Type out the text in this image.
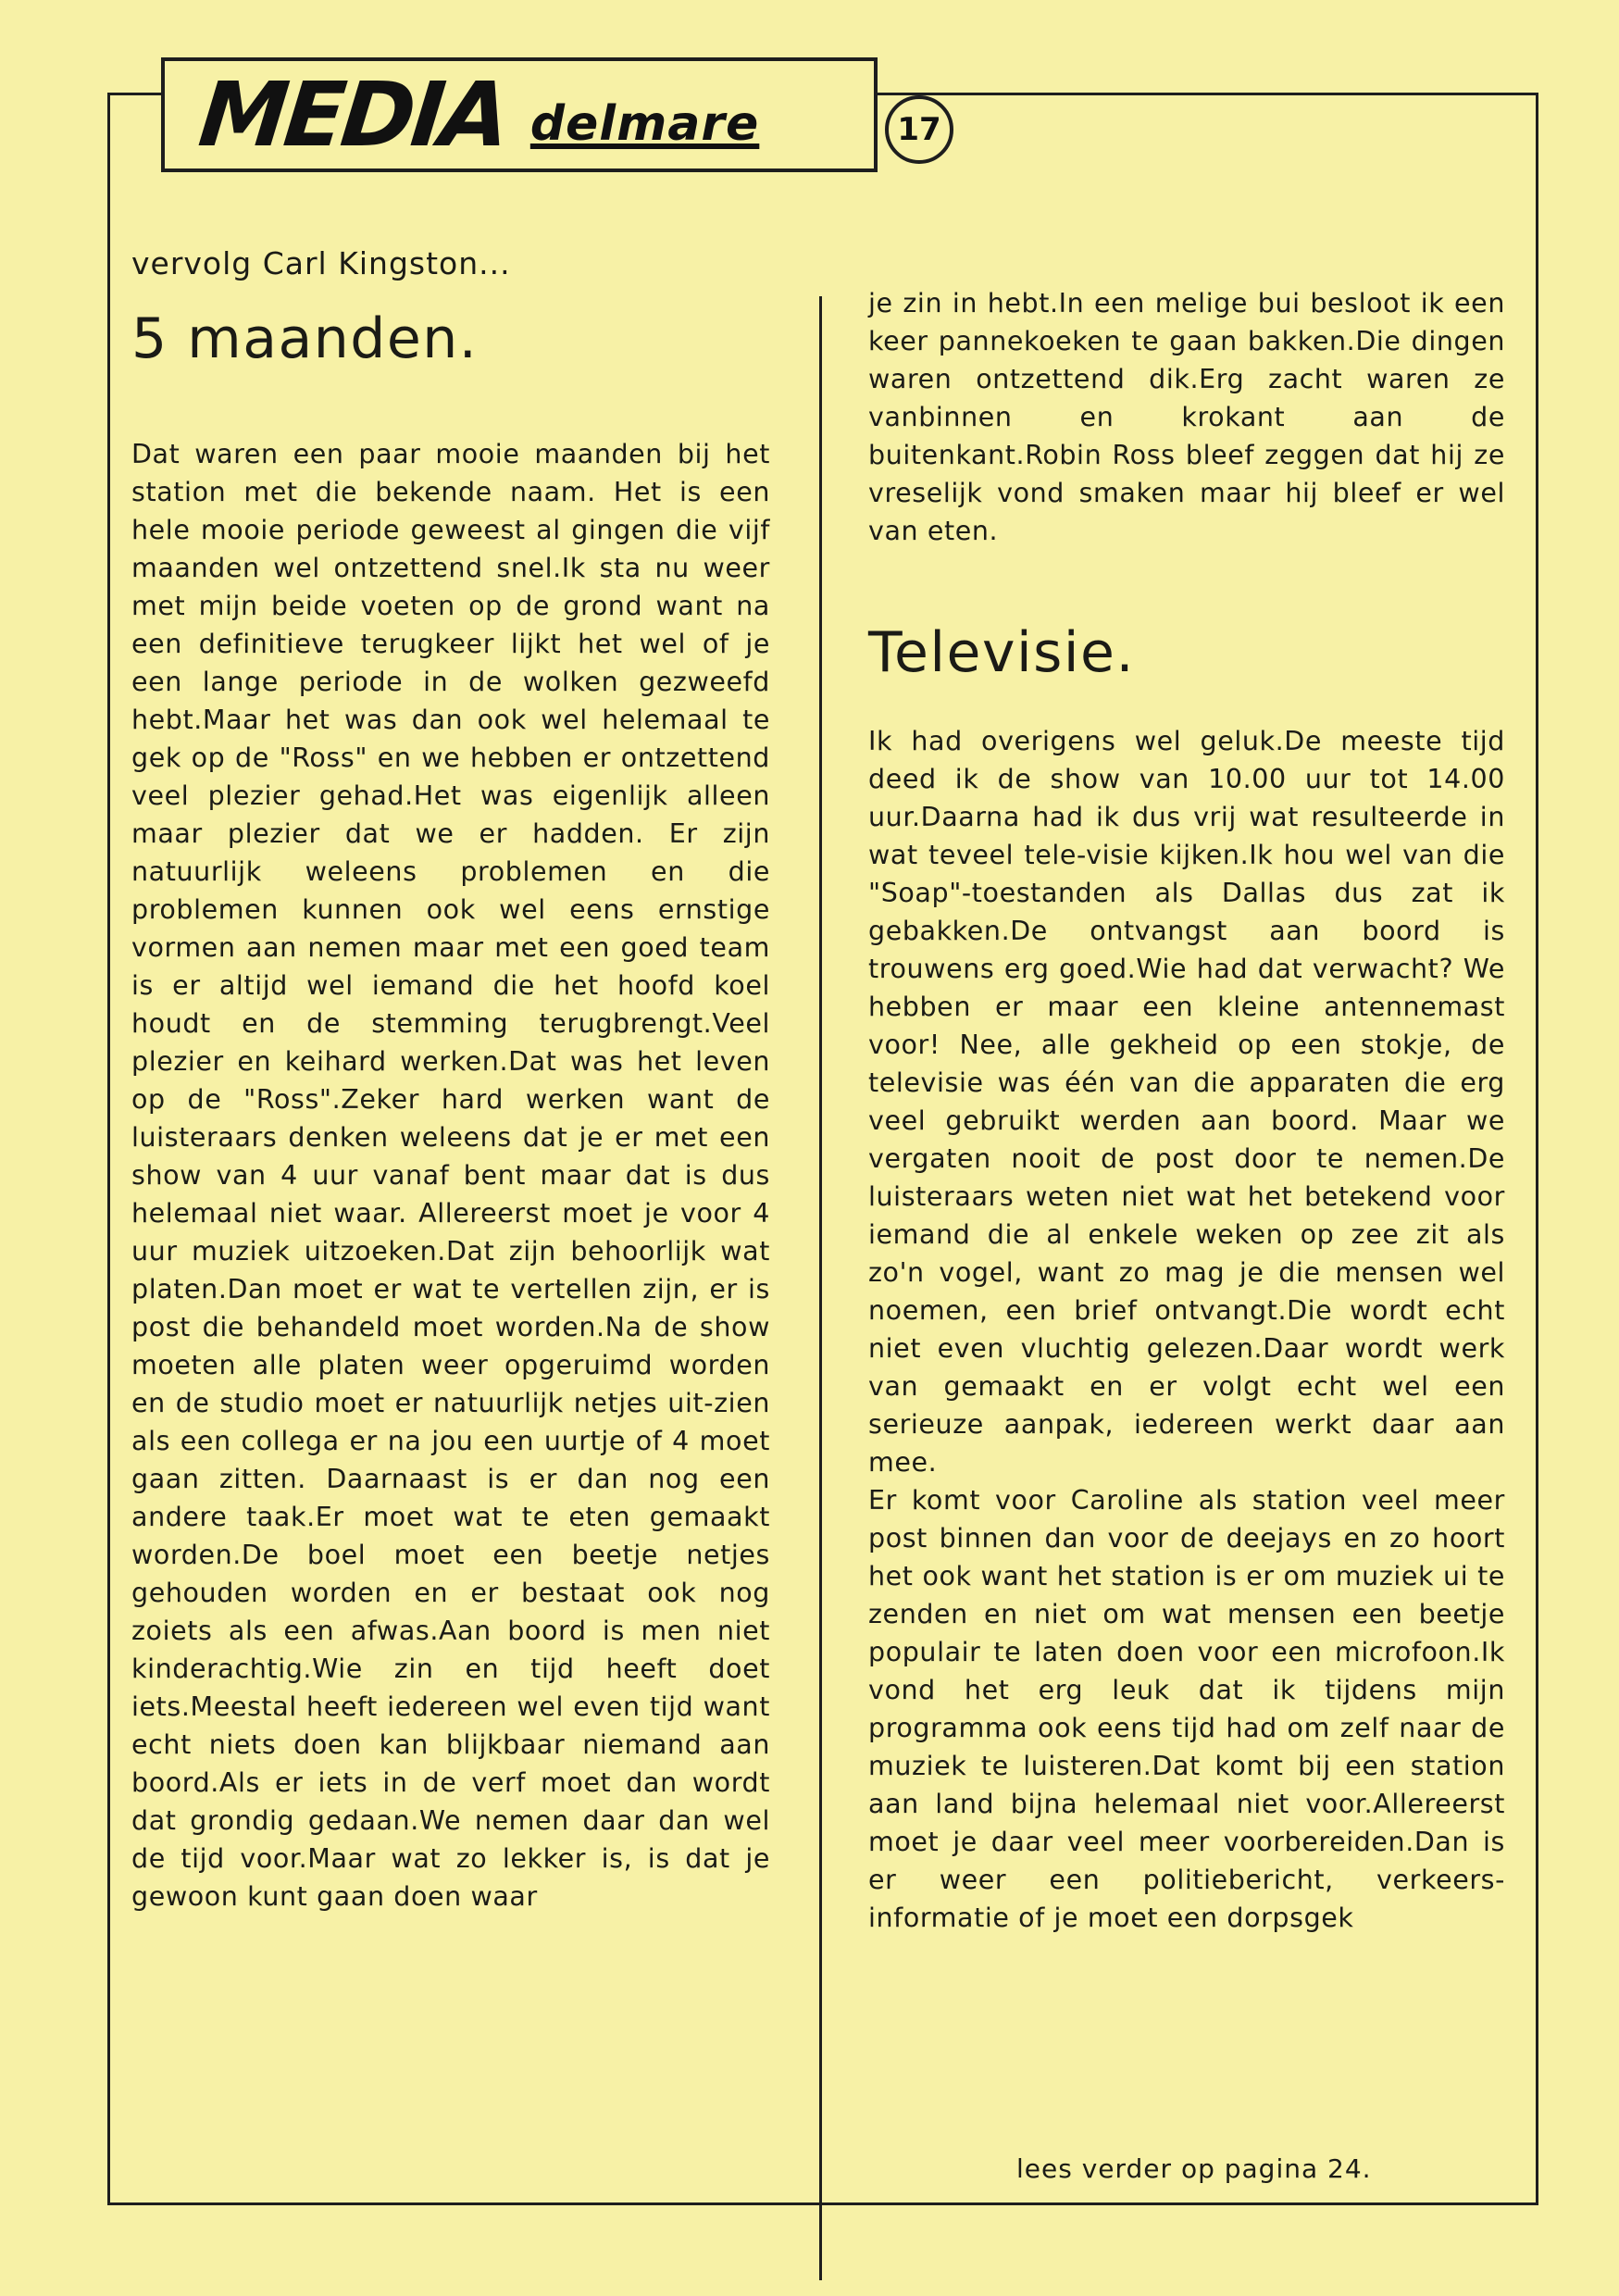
MEDIA delmare	17
vervolg Carl Kingston...
5 maanden.

Dat waren een paar mooie maanden bij het station met die bekende naam. Het is een hele mooie periode geweest al gingen die vijf maanden wel ontzettend snel.Ik sta nu weer met mijn beide voeten op de grond want na een definitieve terugkeer lijkt het wel of je een lange periode in de wolken gezweefd hebt.Maar het was dan ook wel helemaal te gek op de "Ross" en we hebben er ontzettend veel plezier gehad.Het was eigenlijk alleen maar plezier dat we er hadden. Er zijn natuurlijk weleens problemen en die problemen kunnen ook wel eens ernstige vormen aan nemen maar met een goed team is er altijd wel iemand die het hoofd koel houdt en de stemming terugbrengt.Veel plezier en keihard werken.Dat was het leven op de "Ross".Zeker hard werken want de luisteraars denken weleens dat je er met een show van 4 uur vanaf bent maar dat is dus helemaal niet waar. Allereerst moet je voor 4 uur muziek uitzoeken.Dat zijn behoorlijk wat platen.Dan moet er wat te vertellen zijn, er is post die behandeld moet worden.Na de show moeten alle platen weer opgeruimd worden en de studio moet er natuurlijk netjes uit-zien als een collega er na jou een uurtje of 4 moet gaan zitten. Daarnaast is er dan nog een andere taak.Er moet wat te eten gemaakt worden.De boel moet een beetje netjes gehouden worden en er bestaat ook nog zoiets als een afwas.Aan boord is men niet kinderachtig.Wie zin en tijd heeft doet iets.Meestal heeft iedereen wel even tijd want echt niets doen kan blijkbaar niemand aan boord.Als er iets in de verf moet dan wordt dat grondig gedaan.We nemen daar dan wel de tijd voor.Maar wat zo lekker is, is dat je gewoon kunt gaan doen waar

je zin in hebt.In een melige bui besloot ik een keer pannekoeken te gaan bakken.Die dingen waren ontzettend dik.Erg zacht waren ze vanbinnen en krokant aan de buitenkant.Robin Ross bleef zeggen dat hij ze vreselijk vond smaken maar hij bleef er wel van eten.

Televisie.

Ik had overigens wel geluk.De meeste tijd deed ik de show van 10.00 uur tot 14.00 uur.Daarna had ik dus vrij wat resulteerde in wat teveel tele-visie kijken.Ik hou wel van die "Soap"-toestanden als Dallas dus zat ik gebakken.De ontvangst aan boord is trouwens erg goed.Wie had dat verwacht? We hebben er maar een kleine antennemast voor! Nee, alle gekheid op een stokje, de televisie was één van die apparaten die erg veel gebruikt werden aan boord. Maar we vergaten nooit de post door te nemen.De luisteraars weten niet wat het betekend voor iemand die al enkele weken op zee zit als zo'n vogel, want zo mag je die mensen wel noemen, een brief ontvangt.Die wordt echt niet even vluchtig gelezen.Daar wordt werk van gemaakt en er volgt echt wel een serieuze aanpak, iedereen werkt daar aan mee.

Er komt voor Caroline als station veel meer post binnen dan voor de deejays en zo hoort het ook want het station is er om muziek ui te zenden en niet om wat mensen een beetje populair te laten doen voor een microfoon.Ik vond het erg leuk dat ik tijdens mijn programma ook eens tijd had om zelf naar de muziek te luisteren.Dat komt bij een station aan land bijna helemaal niet voor.Allereerst moet je daar veel meer voorbereiden.Dan is er weer een politiebericht, verkeers-informatie of je moet een dorpsgek

lees verder op pagina 24.
